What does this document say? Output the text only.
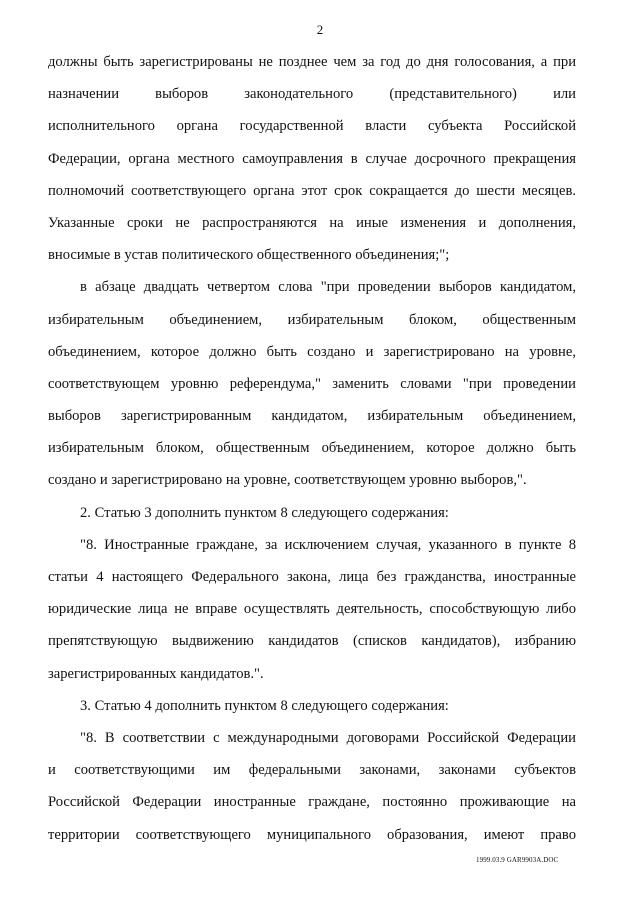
2
должны быть зарегистрированы не позднее чем за год до дня голосования, а при
назначении выборов законодательного (представительного) или
исполнительного органа государственной власти субъекта Российской
Федерации, органа местного самоуправления в случае досрочного прекращения
полномочий соответствующего органа этот срок сокращается до шести месяцев.
Указанные сроки не распространяются на иные изменения и дополнения,
вносимые в устав политического общественного объединения;";
в абзаце двадцать четвертом слова "при проведении выборов кандидатом,
избирательным объединением, избирательным блоком, общественным
объединением, которое должно быть создано и зарегистрировано на уровне,
соответствующем уровню референдума," заменить словами "при проведении
выборов зарегистрированным кандидатом, избирательным объединением,
избирательным блоком, общественным объединением, которое должно быть
создано и зарегистрировано на уровне, соответствующем уровню выборов,".
2. Статью 3 дополнить пунктом 8 следующего содержания:
"8. Иностранные граждане, за исключением случая, указанного в пункте 8
статьи 4 настоящего Федерального закона, лица без гражданства, иностранные
юридические лица не вправе осуществлять деятельность, способствующую либо
препятствующую выдвижению кандидатов (списков кандидатов), избранию
зарегистрированных кандидатов.".
3. Статью 4 дополнить пунктом 8 следующего содержания:
"8. В соответствии с международными договорами Российской Федерации
и соответствующими им федеральными законами, законами субъектов
Российской Федерации иностранные граждане, постоянно проживающие на
территории соответствующего муниципального образования, имеют право
1999.03.9 GAR9903A.DOC
